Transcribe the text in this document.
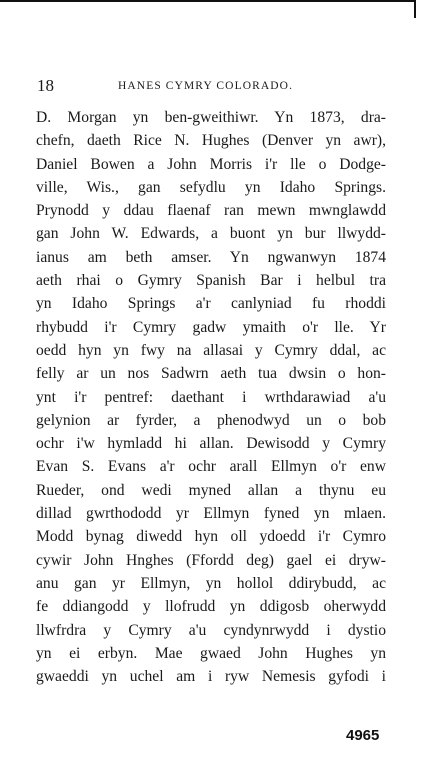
18	HANES CYMRY COLORADO.
D. Morgan yn ben-gweithiwr. Yn 1873, dra-
chefn, daeth Rice N. Hughes (Denver yn awr),
Daniel Bowen a John Morris i'r lle o Dodge-
ville, Wis., gan sefydlu yn Idaho Springs.
Prynodd y ddau flaenaf ran mewn mwnglawdd
gan John W. Edwards, a buont yn bur llwydd-
ianus am beth amser. Yn ngwanwyn 1874
aeth rhai o Gymry Spanish Bar i helbul tra
yn Idaho Springs a'r canlyniad fu rhoddi
rhybudd i'r Cymry gadw ymaith o'r lle. Yr
oedd hyn yn fwy na allasai y Cymry ddal, ac
felly ar un nos Sadwrn aeth tua dwsin o hon-
ynt i'r pentref: daethant i wrthdarawiad a'u
gelynion ar fyrder, a phenodwyd un o bob
ochr i'w hymladd hi allan. Dewisodd y Cymry
Evan S. Evans a'r ochr arall Ellmyn o'r enw
Rueder, ond wedi myned allan a thynu eu
dillad gwrthododd yr Ellmyn fyned yn mlaen.
Modd bynag diwedd hyn oll ydoedd i'r Cymro
cywir John Hnghes (Ffordd deg) gael ei dryw-
anu gan yr Ellmyn, yn hollol ddirybudd, ac
fe ddiangodd y llofrudd yn ddigosb oherwydd
llwfrdra y Cymry a'u cyndynrwydd i dystio
yn ei erbyn. Mae gwaed John Hughes yn
gwaeddi yn uchel am i ryw Nemesis gyfodi i
4965
